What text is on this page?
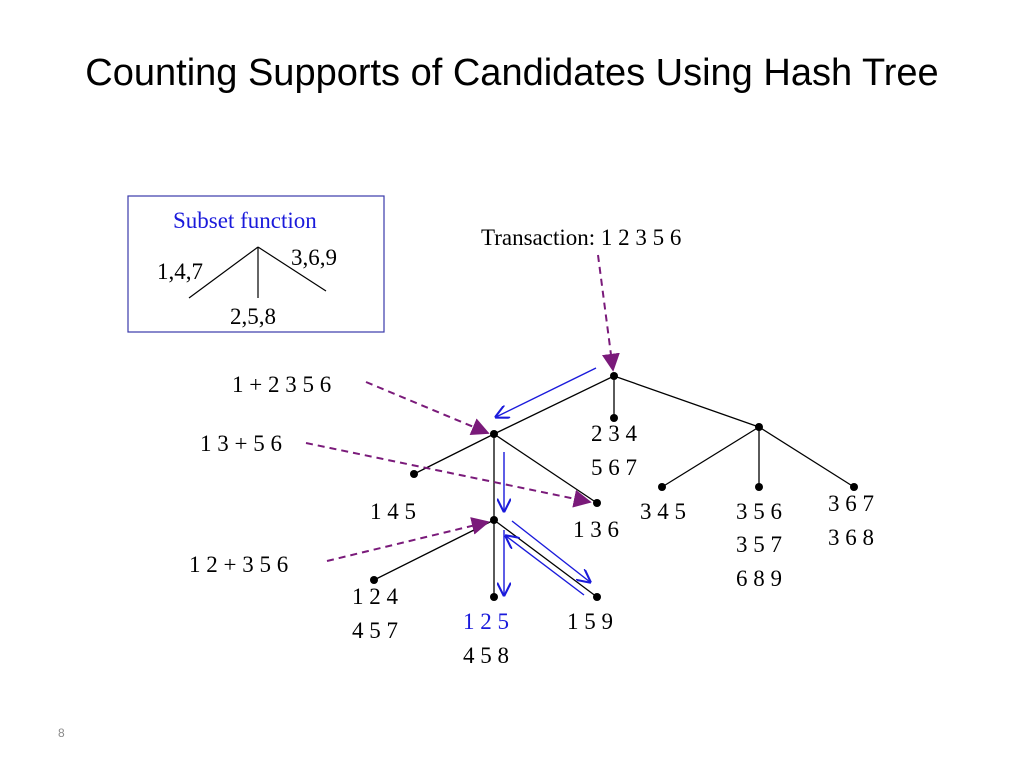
Counting Supports of Candidates Using Hash Tree
Subset function
1,4,7
2,5,8
3,6,9
Transaction: 1 2 3 5 6
1 + 2 3 5 6
1 3 + 5 6
1 2 + 3 5 6
2 3 4
5 6 7
1 4 5
1 3 6
3 4 5 3 5 6
3 5 7
6 8 9
3 6 7
3 6 8
1 2 4
4 5 7	1 2 5
4 5 8
1 5 9
8
